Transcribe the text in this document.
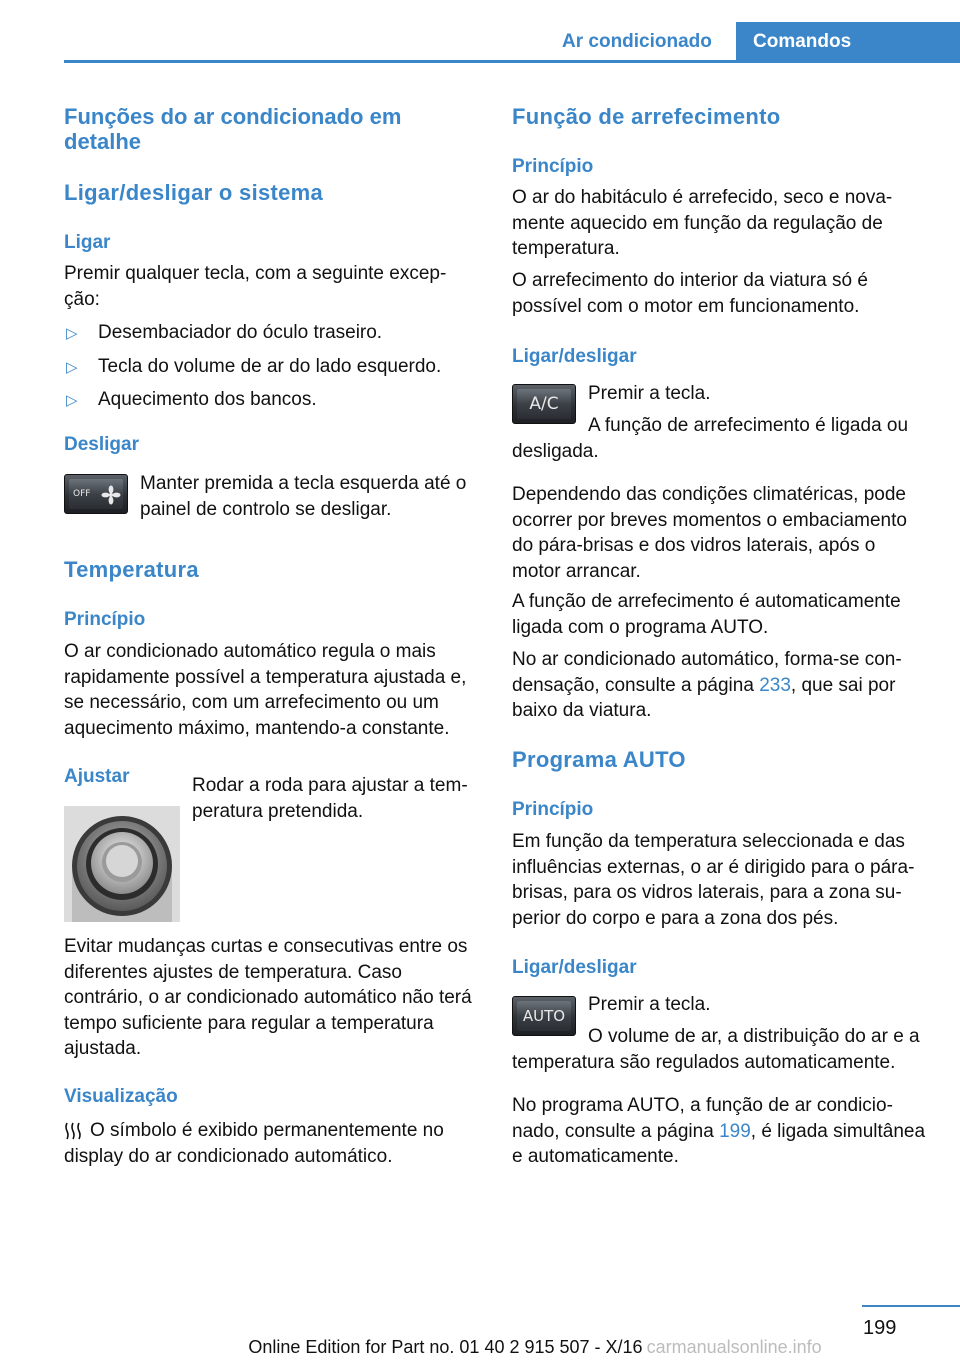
Ar condicionado Comandos
Funções do ar condicionado em detalhe
Ligar/desligar o sistema
Ligar
Premir qualquer tecla, com a seguinte excepção:
▷ Desembaciador do óculo traseiro.
▷ Tecla do volume de ar do lado esquerdo.
▷ Aquecimento dos bancos.
Desligar
OFF	Manter premida a tecla esquerda até o painel de controlo se desligar.
Temperatura
Princípio
O ar condicionado automático regula o mais rapidamente possível a temperatura ajustada e, se necessário, com um arrefecimento ou um aquecimento máximo, mantendo-a constante.
Ajustar	Rodar a roda para ajustar a temperatura pretendida.
Evitar mudanças curtas e consecutivas entre os diferentes ajustes de temperatura. Caso contrário, o ar condicionado automático não terá tempo suficiente para regular a temperatura ajustada.
Visualização
O símbolo é exibido permanentemente no display do ar condicionado automático.
Função de arrefecimento
Princípio
O ar do habitáculo é arrefecido, seco e novamente aquecido em função da regulação de temperatura.
O arrefecimento do interior da viatura só é possível com o motor em funcionamento.
Ligar/desligar
A/C	Premir a tecla.
A função de arrefecimento é ligada ou desligada.
Dependendo das condições climatéricas, pode ocorrer por breves momentos o embaciamento do pára-brisas e dos vidros laterais, após o motor arrancar.
A função de arrefecimento é automaticamente ligada com o programa AUTO.
No ar condicionado automático, forma-se condensação, consulte a página 233, que sai por baixo da viatura.
Programa AUTO
Princípio
Em função da temperatura seleccionada e das influências externas, o ar é dirigido para o pára-brisas, para os vidros laterais, para a zona superior do corpo e para a zona dos pés.
Ligar/desligar
AUTO
Premir a tecla.
O volume de ar, a distribuição do ar e a temperatura são regulados automaticamente.
No programa AUTO, a função de ar condicionado, consulte a página 199, é ligada simultânea e automaticamente.
199
Online Edition for Part no. 01 40 2 915 507 - X/16 carmanualsonline.info
